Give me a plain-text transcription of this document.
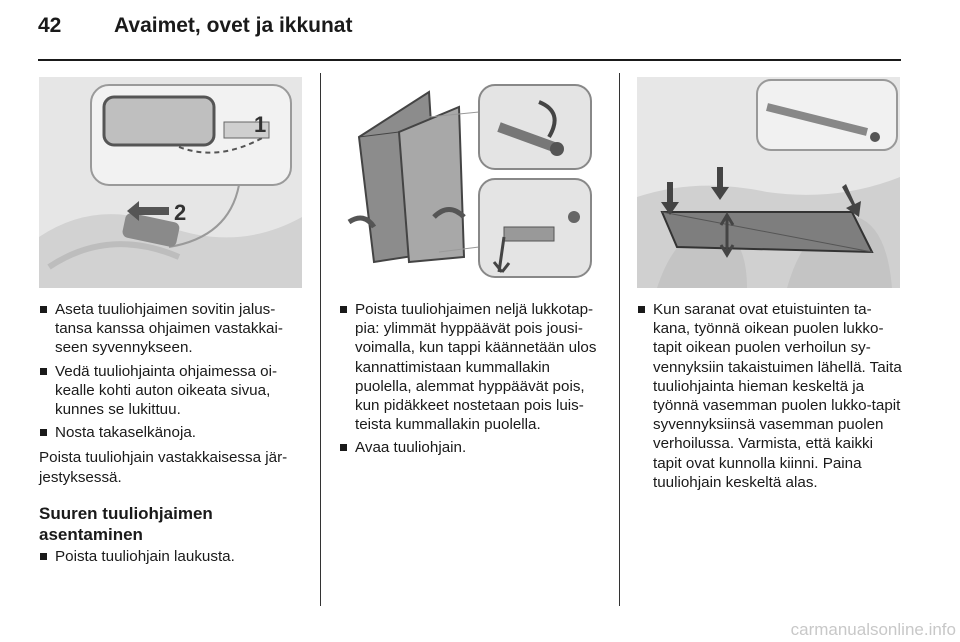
42	Avaimet, ovet ja ikkunat
1
2
Aseta tuuliohjaimen sovitin jalus-tansa kanssa ohjaimen vastakkai-seen syvennykseen.
Vedä tuuliohjainta ohjaimessa oi-kealle kohti auton oikeata sivua, kunnes se lukittuu.
Nosta takaselkänoja.
Poista tuuliohjain vastakkaisessa jär-jestyksessä.
Suuren tuuliohjaimen asentaminen
Poista tuuliohjain laukusta.
Poista tuuliohjaimen neljä lukkotap-pia: ylimmät hyppäävät pois jousi-voimalla, kun tappi käännetään ulos kannattimistaan kummallakin puolella, alemmat hyppäävät pois, kun pidäkkeet nostetaan pois luis-teista kummallakin puolella.
Avaa tuuliohjain.
Kun saranat ovat etuistuinten ta-kana, työnnä oikean puolen lukko-tapit oikean puolen verhoilun sy-vennyksiin takaistuimen lähellä. Taita tuuliohjainta hieman keskeltä ja työnnä vasemman puolen lukko-tapit syvennyksiinsä vasemman puolen verhoilussa. Varmista, että kaikki tapit ovat kunnolla kiinni. Paina tuuliohjain keskeltä alas.
carmanualsonline.info
